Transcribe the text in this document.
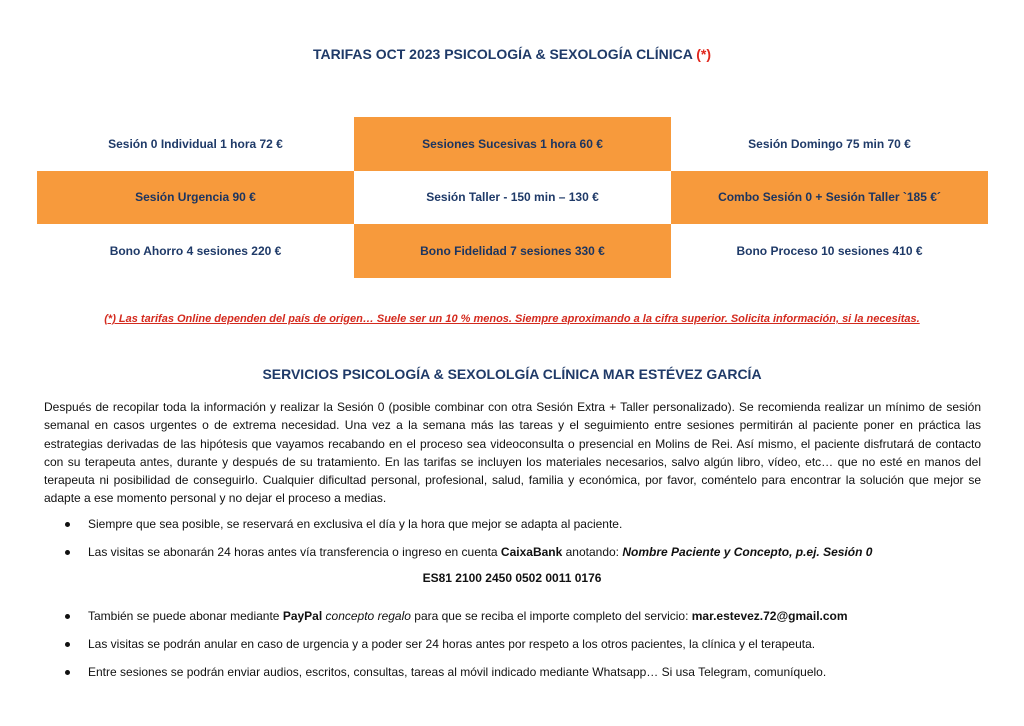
TARIFAS OCT 2023 PSICOLOGÍA & SEXOLOGÍA CLÍNICA (*)
Sesión 0 Individual 1 hora 72 €	Sesiones Sucesivas 1 hora 60 €	Sesión Domingo 75 min 70 €
Sesión Urgencia 90 €	Sesión Taller - 150 min – 130 €	Combo Sesión 0 + Sesión Taller `185 €´
Bono Ahorro 4 sesiones 220 €	Bono Fidelidad 7 sesiones 330 €	Bono Proceso 10 sesiones 410 €
(*) Las tarifas Online dependen del país de origen… Suele ser un 10 % menos. Siempre aproximando a la cifra superior. Solicita información, si la necesitas.
SERVICIOS PSICOLOGÍA & SEXOLOLGÍA CLÍNICA MAR ESTÉVEZ GARCÍA

Después de recopilar toda la información y realizar la Sesión 0 (posible combinar con otra Sesión Extra + Taller personalizado). Se recomienda realizar un mínimo de sesión semanal en casos urgentes o de extrema necesidad. Una vez a la semana más las tareas y el seguimiento entre sesiones permitirán al paciente poner en práctica las estrategias derivadas de las hipótesis que vayamos recabando en el proceso sea videoconsulta o presencial en Molins de Rei. Así mismo, el paciente disfrutará de contacto con su terapeuta antes, durante y después de su tratamiento. En las tarifas se incluyen los materiales necesarios, salvo algún libro, vídeo, etc… que no esté en manos del terapeuta ni posibilidad de conseguirlo. Cualquier dificultad personal, profesional, salud, familia y económica, por favor, coméntelo para encontrar la solución que mejor se adapte a ese momento personal y no dejar el proceso a medias.

Siempre que sea posible, se reservará en exclusiva el día y la hora que mejor se adapta al paciente.
Las visitas se abonarán 24 horas antes vía transferencia o ingreso en cuenta CaixaBank anotando: Nombre Paciente y Concepto, p.ej. Sesión 0
También se puede abonar mediante PayPal concepto regalo para que se reciba el importe completo del servicio: mar.estevez.72@gmail.com
Las visitas se podrán anular en caso de urgencia y a poder ser 24 horas antes por respeto a los otros pacientes, la clínica y el terapeuta.
Entre sesiones se podrán enviar audios, escritos, consultas, tareas al móvil indicado mediante Whatsapp… Si usa Telegram, comuníquelo.
ES81 2100 2450 0502 0011 0176
